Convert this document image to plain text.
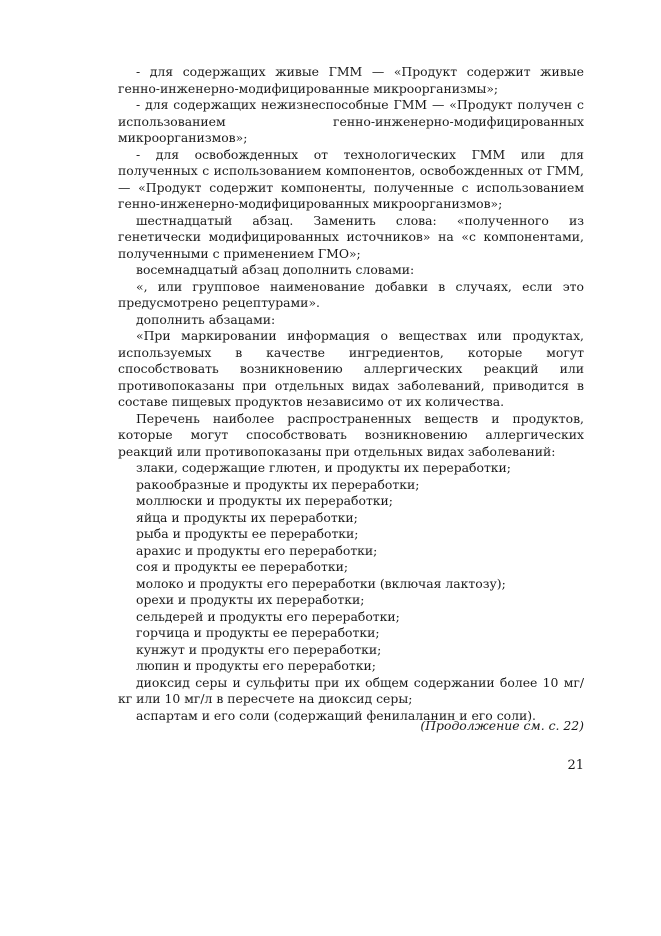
- для содержащих живые ГММ — «Продукт содержит живые генно-инженерно-модифицированные микроорганизмы»;

- для содержащих нежизнеспособные ГММ — «Продукт получен с использованием генно-инженерно-модифицированных микроорганизмов»;

- для освобожденных от технологических ГММ или для полученных с использованием компонентов, освобожденных от ГММ, — «Продукт содержит компоненты, полученные с использованием генно-инженерно-модифицированных микроорганизмов»;

шестнадцатый абзац. Заменить слова: «полученного из генетически модифицированных источников» на «с компонентами, полученными с применением ГМО»;

восемнадцатый абзац дополнить словами:

«, или групповое наименование добавки в случаях, если это предусмотрено рецептурами».

дополнить абзацами:

«При маркировании информация о веществах или продуктах, используемых в качестве ингредиентов, которые могут способствовать возникновению аллергических реакций или противопоказаны при отдельных видах заболеваний, приводится в составе пищевых продуктов независимо от их количества.

Перечень наиболее распространенных веществ и продуктов, которые могут способствовать возникновению аллергических реакций или противопоказаны при отдельных видах заболеваний:

злаки, содержащие глютен, и продукты их переработки;

ракообразные и продукты их переработки;

моллюски и продукты их переработки;

яйца и продукты их переработки;

рыба и продукты ее переработки;

арахис и продукты его переработки;

соя и продукты ее переработки;

молоко и продукты его переработки (включая лактозу);

орехи и продукты их переработки;

сельдерей и продукты его переработки;

горчица и продукты ее переработки;

кунжут и продукты его переработки;

люпин и продукты его переработки;

диоксид серы и сульфиты при их общем содержании более 10 мг/кг или 10 мг/л в пересчете на диоксид серы;

аспартам и его соли (содержащий фенилаланин и его соли).

(Продолжение см. с. 22)
21
